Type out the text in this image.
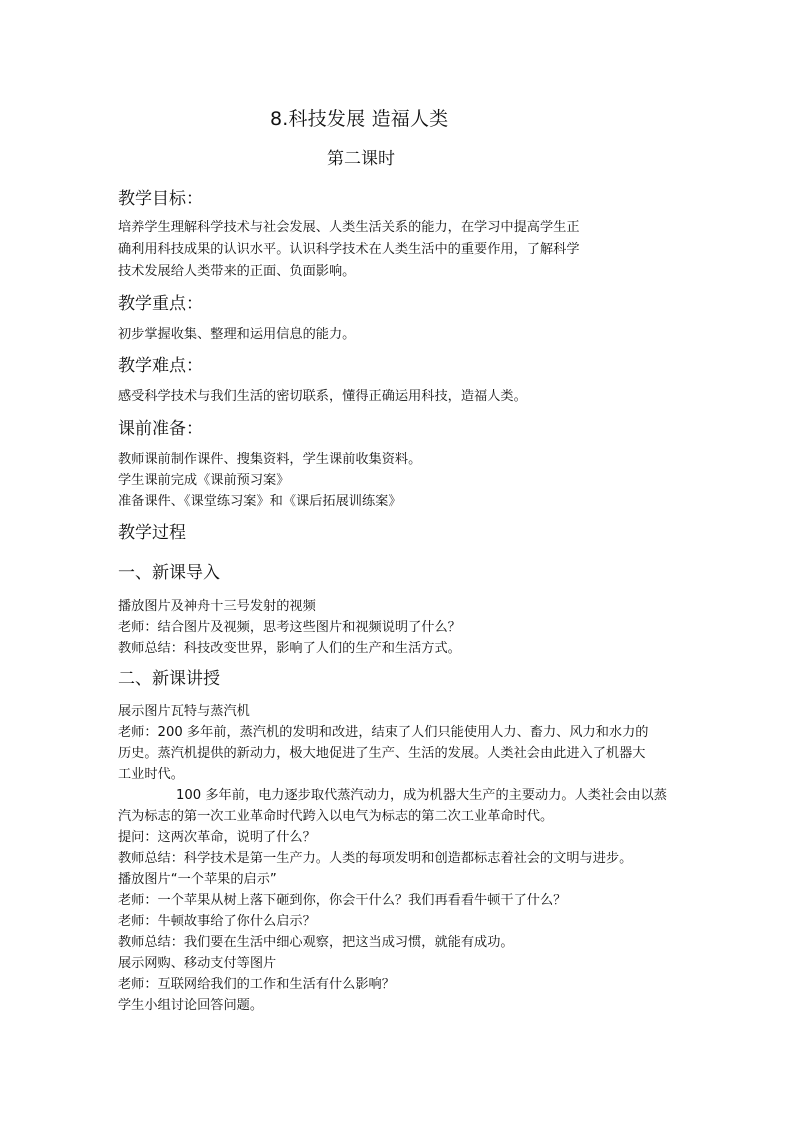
8.科技发展 造福人类
第二课时
教学目标：
培养学生理解科学技术与社会发展、人类生活关系的能力，在学习中提高学生正
确利用科技成果的认识水平。认识科学技术在人类生活中的重要作用，了解科学
技术发展给人类带来的正面、负面影响。
教学重点：
初步掌握收集、整理和运用信息的能力。
教学难点：
感受科学技术与我们生活的密切联系，懂得正确运用科技，造福人类。
课前准备：
教师课前制作课件、搜集资料，学生课前收集资料。
学生课前完成《课前预习案》
准备课件、《课堂练习案》和《课后拓展训练案》
教学过程
一、新课导入
播放图片及神舟十三号发射的视频
老师：结合图片及视频，思考这些图片和视频说明了什么？
教师总结：科技改变世界，影响了人们的生产和生活方式。
二、新课讲授
展示图片瓦特与蒸汽机
老师：200 多年前，蒸汽机的发明和改进，结束了人们只能使用人力、畜力、风力和水力的
历史。蒸汽机提供的新动力，极大地促进了生产、生活的发展。人类社会由此进入了机器大
工业时代。
100 多年前，电力逐步取代蒸汽动力，成为机器大生产的主要动力。人类社会由以蒸
汽为标志的第一次工业革命时代跨入以电气为标志的第二次工业革命时代。
提问：这两次革命，说明了什么？
教师总结：科学技术是第一生产力。人类的每项发明和创造都标志着社会的文明与进步。
播放图片“一个苹果的启示”
老师：一个苹果从树上落下砸到你，你会干什么？我们再看看牛顿干了什么？
老师：牛顿故事给了你什么启示？
教师总结：我们要在生活中细心观察，把这当成习惯，就能有成功。
展示网购、移动支付等图片
老师：互联网给我们的工作和生活有什么影响？
学生小组讨论回答问题。
